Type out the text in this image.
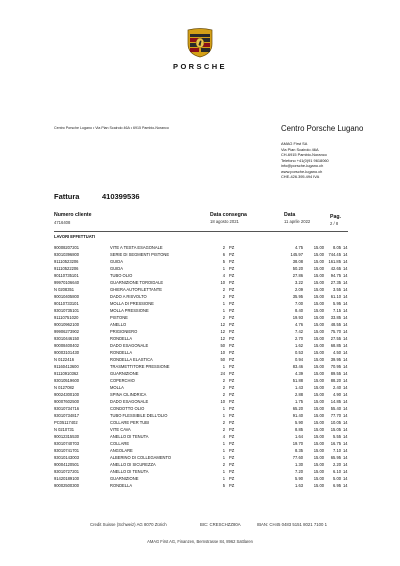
PORSCHE
Centro Porsche Lugano • Via Pian Scairolo 46A • 6915 Pambio-Noranco	Centro Porsche Lugano
AMAG First SA
Via Pian Scairolo 46A
CH-6915 Pambio-Noranco
Telefono +41(0)91 9618060
info@porsche-lugano.ch
www.porsche-lugano.ch
CHE-426.395.494 IVA
Fattura	410399536
Numero cliente
4716408
Data consegna
18 agosto 2021
Data
11 aprile 2022
Pag.
2 / 8
LAVORI EFFETTUATI
90008207201	VITE A TESTA ESAGONALE	2 PZ	4.75	15.00	8.05 14
93010396800	SERIE DI SEGMENTI PISTONE	6 PZ	145.97	15.00	744.45 14
91110523206	GUIDA	5 PZ	38.08	15.00	161.85 14
91110522206	GUIDA	1 PZ	50.20	15.00	42.65 14
90110735101	TUBO OLIO	4 PZ	27.86	15.00	94.75 14
99970106640	GUARNIZIONE TOROIDALE	10 PZ	3.22	15.00	27.35 14
N 0208351	GHIERA AUTOFILETTANTE	2 PZ	2.09	15.00	3.55 14
90010405800	DADO A RISVOLTO	2 PZ	35.95	15.00	61.10 14
90110733101	MOLLA DI PRESSIONE	1 PZ	7.00	15.00	5.95 14
93010735101	MOLLA PRESSIONE	1 PZ	8.40	15.00	7.15 14
91110751020	PISTONE	2 PZ	19.93	15.00	33.85 14
90010962100	ANELLO	12 PZ	4.76	15.00	48.55 14
99906273902	PRIGIONIERO	12 PZ	7.42	15.00	75.70 14
93010446150	RONDELLA	12 PZ	2.70	15.00	27.55 14
90008400402	DADO ESAGONALE	50 PZ	1.62	15.00	68.85 14
90003101430	RONDELLA	10 PZ	0.53	15.00	4.50 14
N 0122416	RONDELLA ELASTICA	50 PZ	0.94	15.00	39.95 14
91160413600	TRASMETTITORE PRESSIONE	1 PZ	83.46	15.00	70.95 14
91110910362	GUARNIZIONE	24 PZ	4.39	15.00	89.55 14
93010519600	COPERCHIO	2 PZ	51.88	15.00	88.20 14
N 0127082	MOLLA	2 PZ	1.43	15.00	2.40 14
90024300100	SPINA CILINDRICA	2 PZ	2.88	15.00	4.90 14
90007602500	DADO ESAGONALE	10 PZ	1.75	15.00	14.85 14
93010734716	CONDOTTO OLIO	1 PZ	65.20	15.00	55.40 14
93010734817	TUBO FLESSIBILE DELL'OLIO	1 PZ	91.40	15.00	77.70 14
PC05117402	COLLARE PER TUBI	2 PZ	5.90	15.00	10.05 14
N 0210731	VITE CAVA	2 PZ	8.85	15.00	15.05 14
90012315530	ANELLO DI TENUTA	4 PZ	1.64	15.00	5.55 14
93010740703	COLLARE	1 PZ	19.70	15.00	16.75 14
93010741701	ANGOLARE	1 PZ	8.35	15.00	7.10 14
93010143003	ALBERINO DI COLLEGAMENTO	1 PZ	77.60	15.00	65.95 14
90004120501	ANELLO DI SICUREZZA	2 PZ	1.30	15.00	2.20 14
93010727201	ANELLO DI TENUTA	1 PZ	7.20	15.00	6.10 14
91420189100	GUARNIZIONE	1 PZ	5.90	15.00	5.00 14
90002500300	RONDELLA	5 PZ	1.63	15.00	6.95 14
Credit Suisse (Schweiz) AG 8070 Zürich	BIC: CRESCHZZ80A	IBAN: CH45 0483 5151 8021 7100 1
AMAG First AG, Finanzen, Bernstrasse 84, 8962 Sattlaren
